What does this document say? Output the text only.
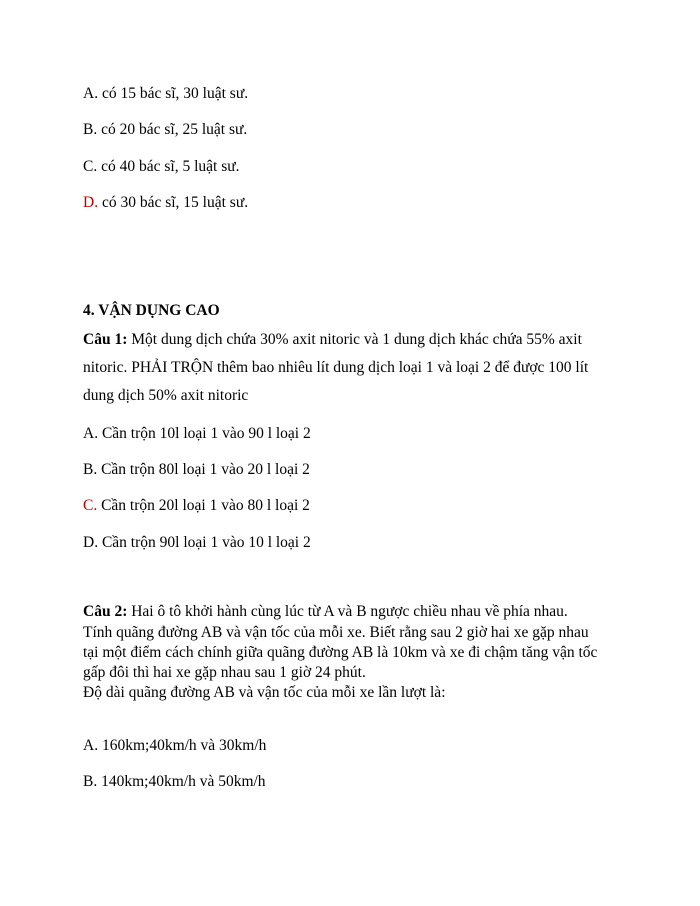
A. có 15 bác sĩ, 30 luật sư.
B. có 20 bác sĩ, 25 luật sư.
C. có 40 bác sĩ, 5 luật sư.
D. có 30 bác sĩ, 15 luật sư.
4. VẬN DỤNG CAO
Câu 1: Một dung dịch chứa 30% axit nitoric và 1 dung dịch khác chứa 55% axit
nitoric. PHẢI TRỘN thêm bao nhiêu lít dung dịch loại 1 và loại 2 để được 100 lít
dung dịch 50% axit nitoric
A. Cần trộn 10l loại 1 vào 90 l loại 2
B. Cần trộn 80l loại 1 vào 20 l loại 2
C. Cần trộn 20l loại 1 vào 80 l loại 2
D. Cần trộn 90l loại 1 vào 10 l loại 2
Câu 2: Hai ô tô khởi hành cùng lúc từ A và B ngược chiều nhau về phía nhau.
Tính quãng đường AB và vận tốc của mỗi xe. Biết rằng sau 2 giờ hai xe gặp nhau
tại một điểm cách chính giữa quãng đường AB là 10km và xe đi chậm tăng vận tốc
gấp đôi thì hai xe gặp nhau sau 1 giờ 24 phút.
Độ dài quãng đường AB và vận tốc của mỗi xe lần lượt là:
A. 160km;40km/h và 30km/h
B. 140km;40km/h và 50km/h
